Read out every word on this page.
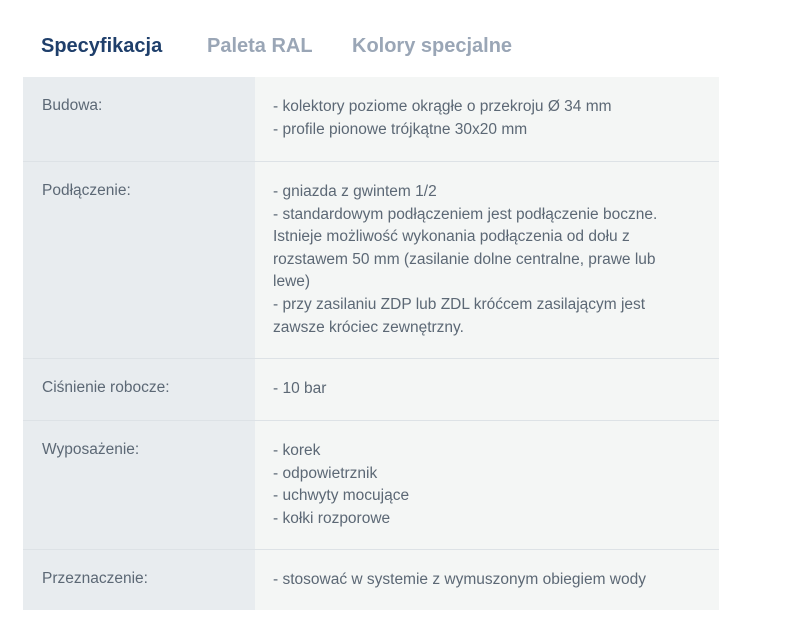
Specyfikacja Paleta RAL Kolory specjalne
Budowa:	- kolektory poziome okrągłe o przekroju Ø 34 mm
- profile pionowe trójkątne 30x20 mm
Podłączenie:	- gniazda z gwintem 1/2
- standardowym podłączeniem jest podłączenie boczne.
Istnieje możliwość wykonania podłączenia od dołu z
rozstawem 50 mm (zasilanie dolne centralne, prawe lub
lewe)
- przy zasilaniu ZDP lub ZDL króćcem zasilającym jest
zawsze króciec zewnętrzny.
Ciśnienie robocze:	- 10 bar
Wyposażenie:	- korek
- odpowietrznik
- uchwyty mocujące
- kołki rozporowe
Przeznaczenie:	- stosować w systemie z wymuszonym obiegiem wody
